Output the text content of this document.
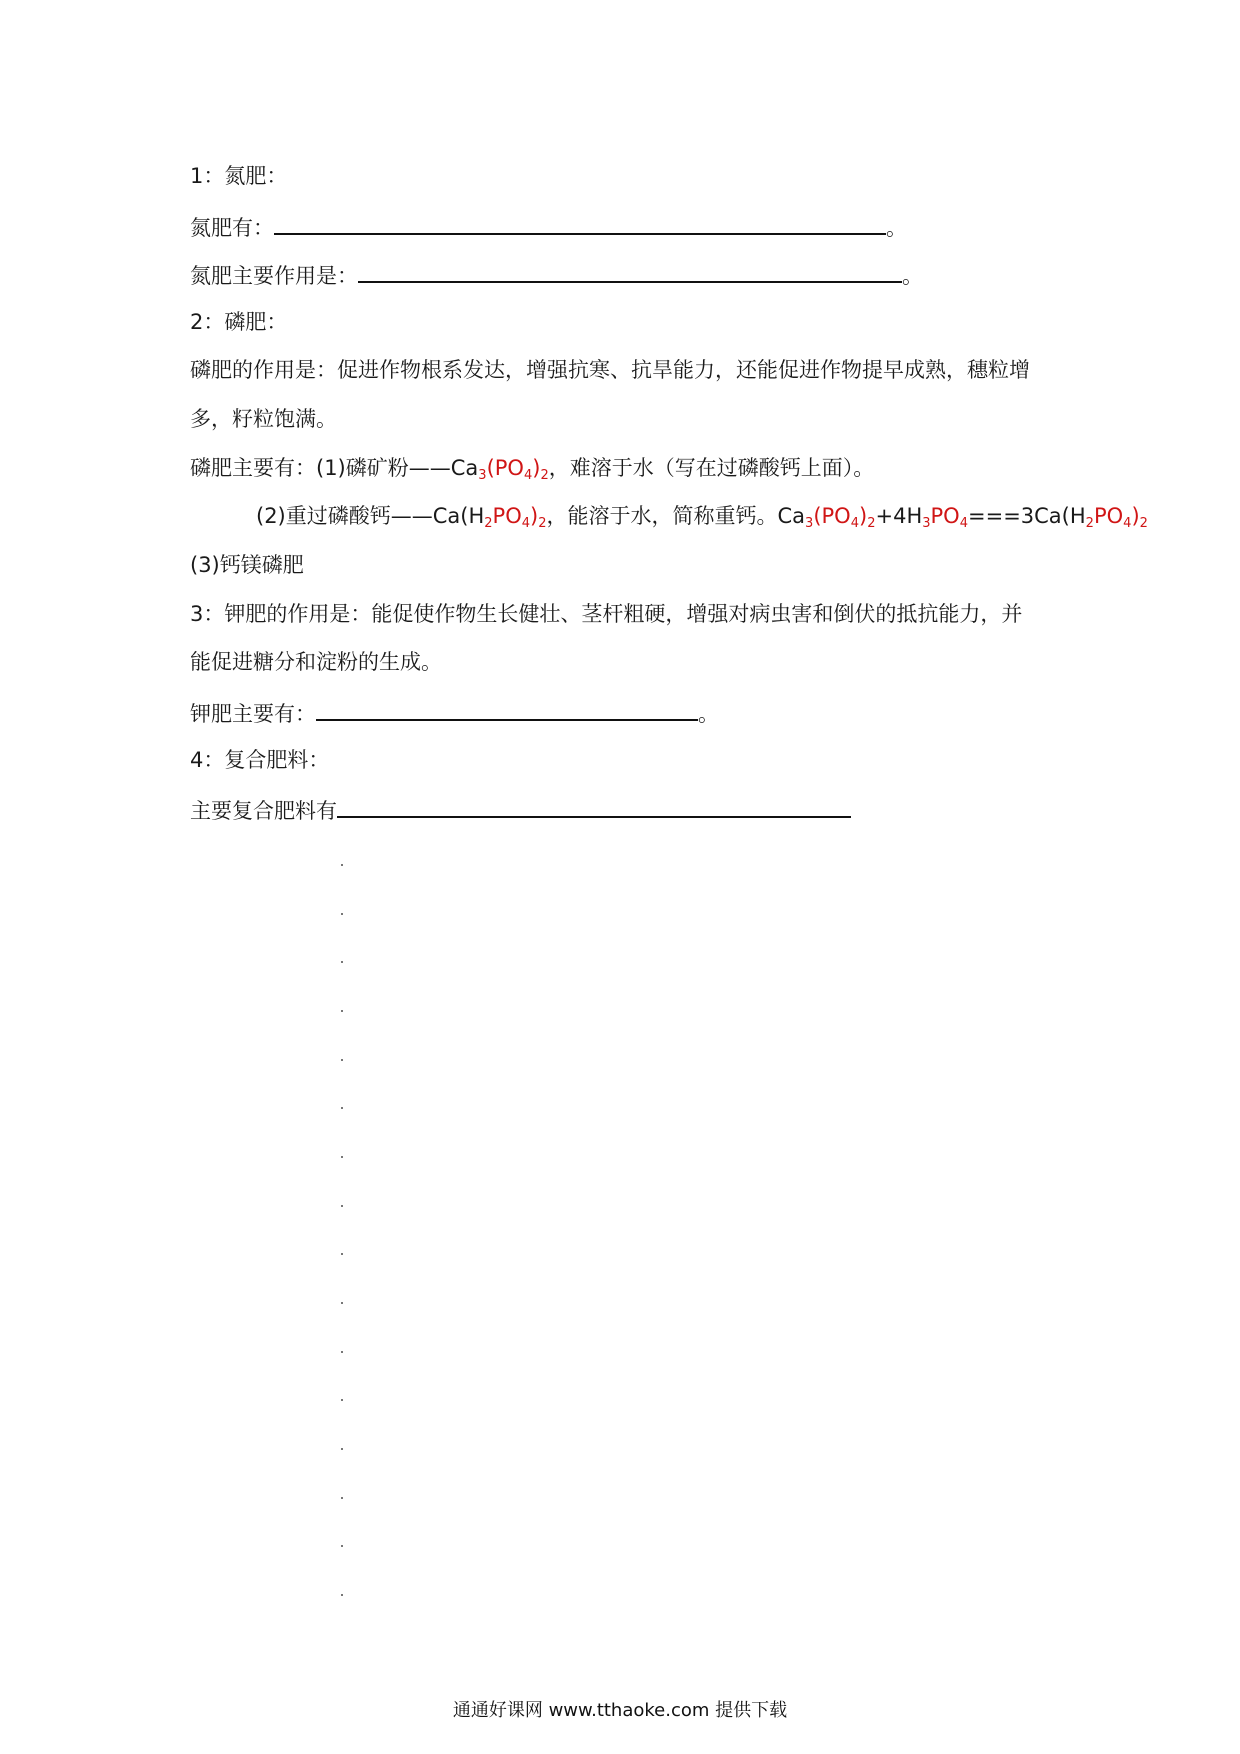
1：氮肥：
氮肥有：	。
氮肥主要作用是：	。
2：磷肥：
磷肥的作用是：促进作物根系发达，增强抗寒、抗旱能力，还能促进作物提早成熟，穗粒增
多，籽粒饱满。
磷肥主要有：(1)磷矿粉$——Ca_3(PO_4)_2$，难溶于水（写在过磷酸钙上面）。
(2)重过磷酸钙$——Ca(H_2PO_4)_2$，能溶于水，简称重钙。$Ca_3(PO_4)_2+4H_3PO_4===3Ca(H_2PO_4)_2$
(3)钙镁磷肥
3：钾肥的作用是：能促使作物生长健壮、茎杆粗硬，增强对病虫害和倒伏的抵抗能力，并
能促进糖分和淀粉的生成。
钾肥主要有：	。
4：复合肥料：
主要复合肥料有
通通好课网 www.tthaoke.com 提供下载
